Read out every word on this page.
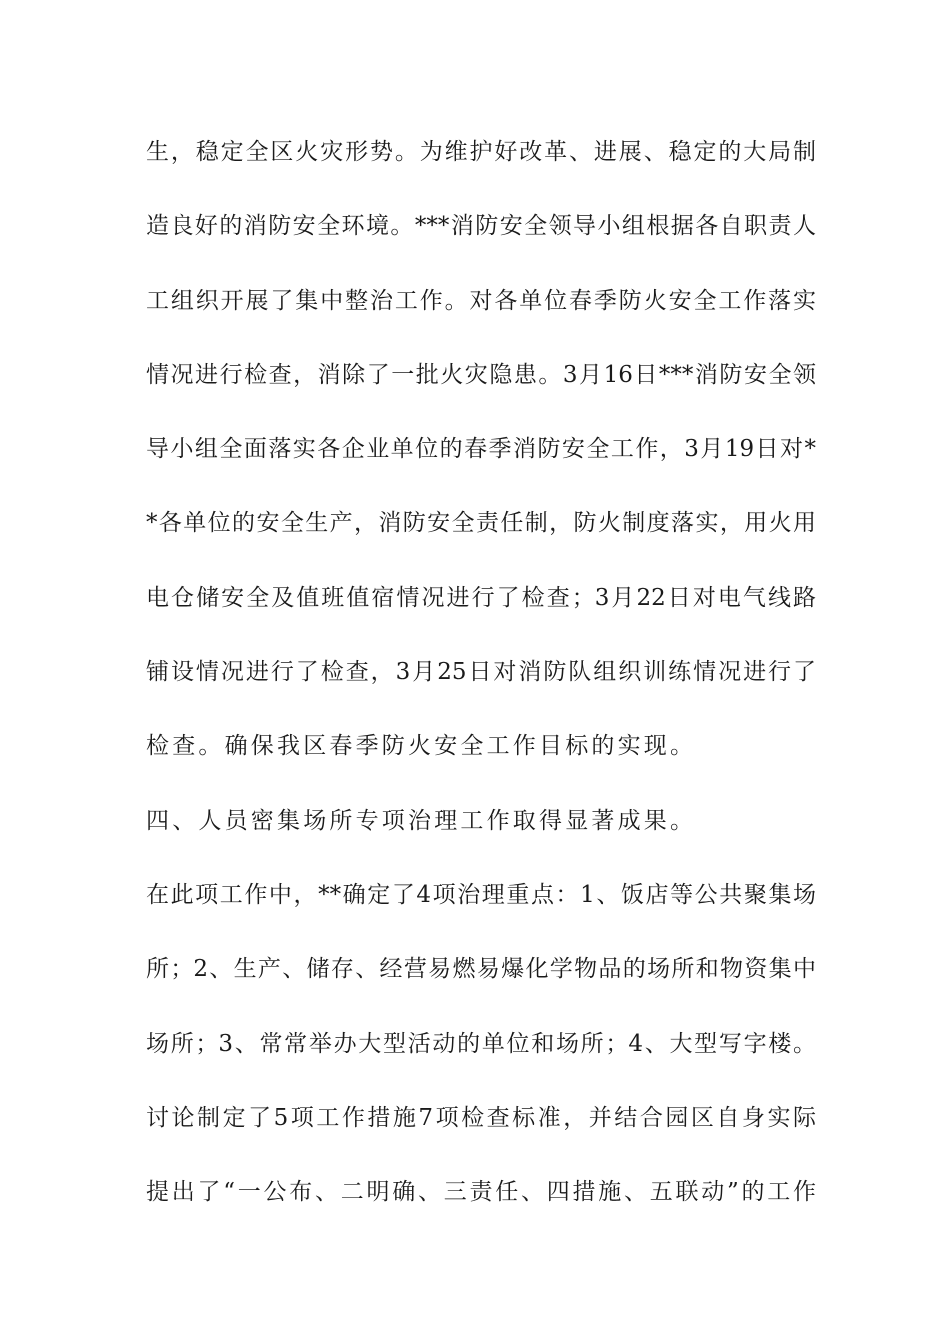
生，稳定全区火灾形势。为维护好改革、进展、稳定的大局制
造良好的消防安全环境。***消防安全领导小组根据各自职责人
工组织开展了集中整治工作。对各单位春季防火安全工作落实
情况进行检查，消除了一批火灾隐患。3月16日***消防安全领
导小组全面落实各企业单位的春季消防安全工作，3月19日对*
*各单位的安全生产，消防安全责任制，防火制度落实，用火用
电仓储安全及值班值宿情况进行了检查；3月22日对电气线路
铺设情况进行了检查，3月25日对消防队组织训练情况进行了
检查。确保我区春季防火安全工作目标的实现。
四、人员密集场所专项治理工作取得显著成果。
在此项工作中，**确定了4项治理重点：1、饭店等公共聚集场
所；2、生产、储存、经营易燃易爆化学物品的场所和物资集中
场所；3、常常举办大型活动的单位和场所；4、大型写字楼。
讨论制定了5项工作措施7项检查标准，并结合园区自身实际
提出了“一公布、二明确、三责任、四措施、五联动”的工作
